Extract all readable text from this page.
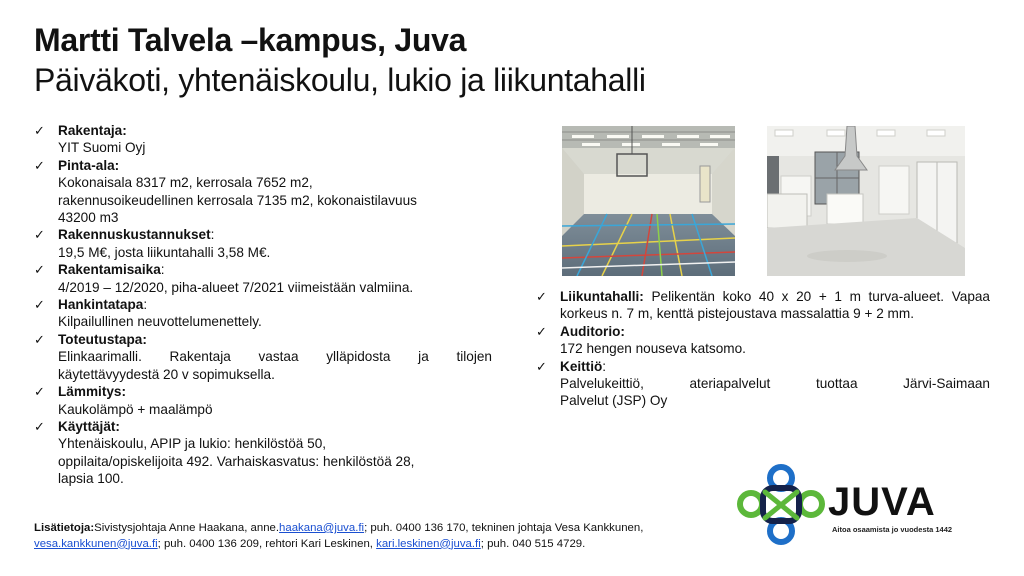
Martti Talvela –kampus, Juva
Päiväkoti, yhtenäiskoulu, lukio ja liikuntahalli
✓ Rakentaja:
YIT Suomi Oyj
✓ Pinta-ala:
Kokonaisala 8317 m2, kerrosala 7652 m2,
rakennusoikeudellinen kerrosala 7135 m2, kokonaistilavuus
43200 m3
✓ Rakennuskustannukset:
19,5 M€, josta liikuntahalli 3,58 M€.
✓ Rakentamisaika:
4/2019 – 12/2020, piha-alueet 7/2021 viimeistään valmiina.
✓ Hankintatapa:
Kilpailullinen neuvottelumenettely.
✓ Toteutustapa:
Elinkaarimalli. Rakentaja vastaa ylläpidosta ja tilojen
käytettävyydestä 20 v sopimuksella.
✓ Lämmitys:
Kaukolämpö + maalämpö
✓ Käyttäjät:
Yhtenäiskoulu, APIP ja lukio: henkilöstöä 50,
oppilaita/opiskelijoita 492. Varhaiskasvatus: henkilöstöä 28,
lapsia 100.
✓ Liikuntahalli: Pelikentän koko 40 x 20 + 1 m turva-alueet. Vapaa korkeus n. 7 m, kenttä pistejoustava massalattia 9 + 2 mm.
✓ Auditorio:
172 hengen nouseva katsomo.
✓ Keittiö:
Palvelukeittiö, ateriapalvelut tuottaa Järvi-Saimaan
Palvelut (JSP) Oy
Lisätietoja:Sivistysjohtaja Anne Haakana, anne.haakana@juva.fi; puh. 0400 136 170, tekninen johtaja Vesa Kankkunen, vesa.kankkunen@juva.fi; puh. 0400 136 209, rehtori Kari Leskinen, kari.leskinen@juva.fi; puh. 040 515 4729.
JUVA
Aitoa osaamista jo vuodesta 1442
